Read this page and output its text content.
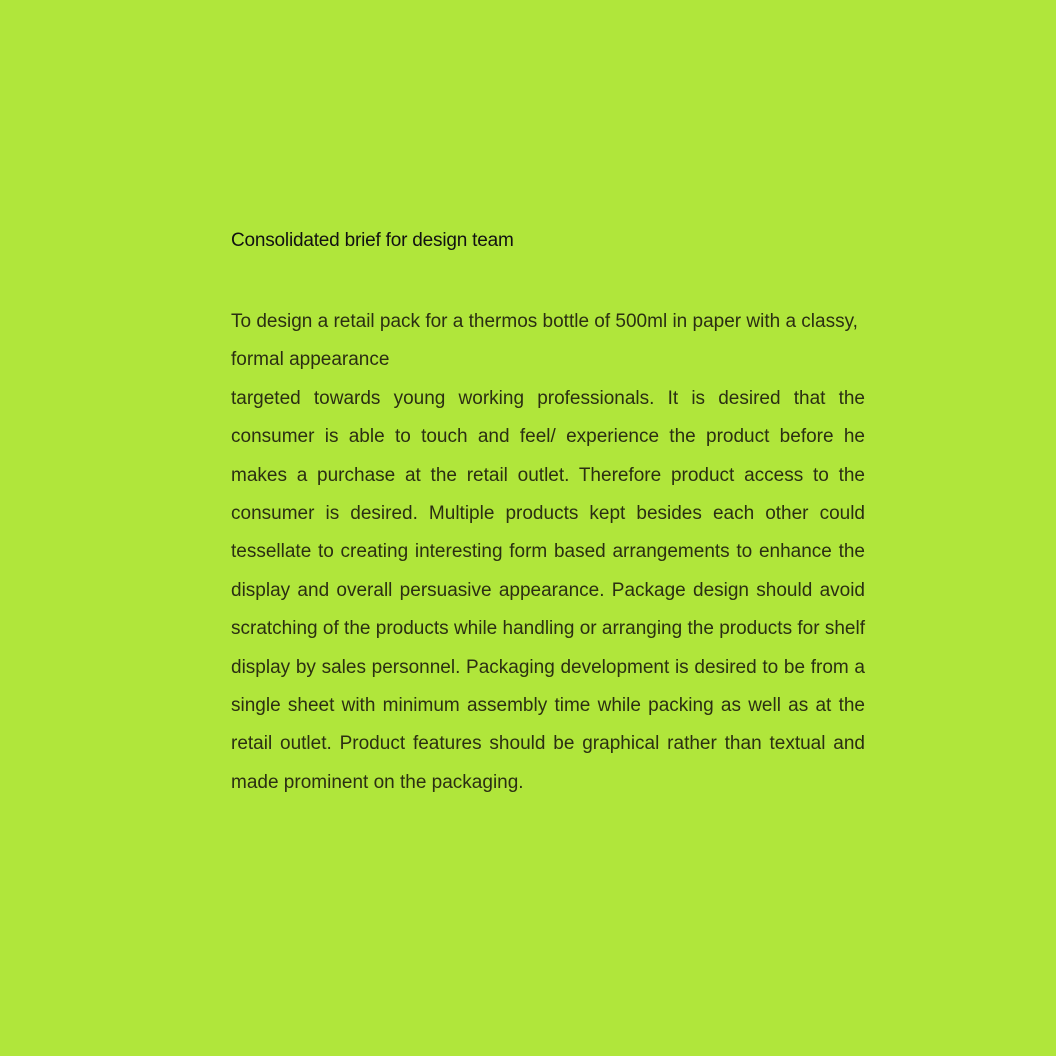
Consolidated brief for design team

To design a retail pack for a thermos bottle of 500ml in paper with a classy, formal appearance

targeted towards young working professionals. It is desired that the consumer is able to touch and feel/ experience the product before he makes a purchase at the retail outlet. Therefore product access to the consumer is desired. Multiple products kept besides each other could tessellate to creating interesting form based arrangements to enhance the display and overall persuasive appearance. Package design should avoid scratching of the products while handling or arranging the products for shelf display by sales personnel. Packaging development is desired to be from a single sheet with minimum assembly time while packing as well as at the retail outlet. Product features should be graphical rather than textual and made prominent on the packaging.
